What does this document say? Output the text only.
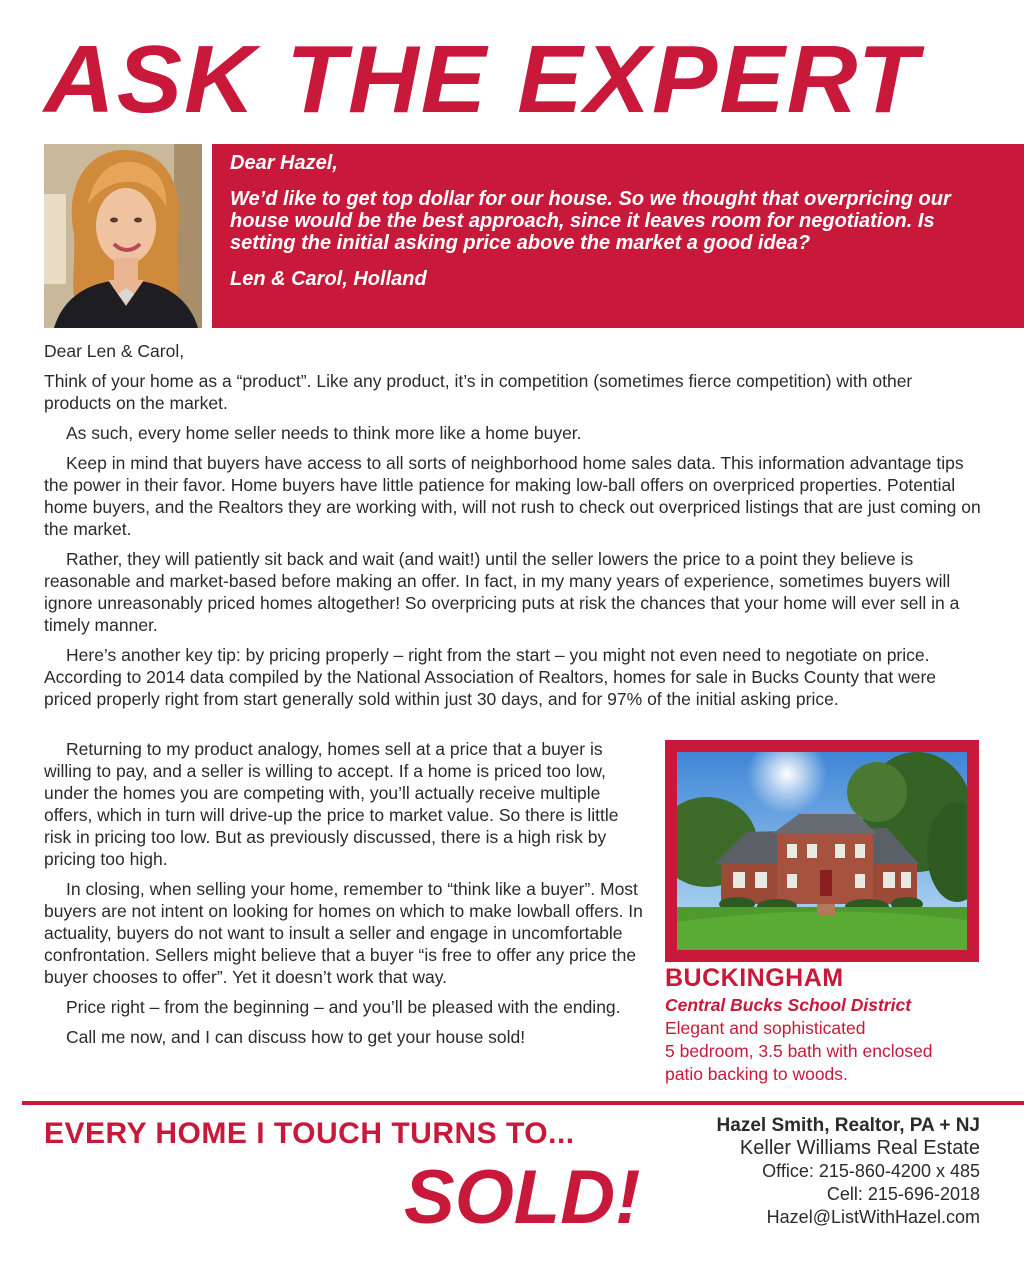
ASK THE EXPERT

Dear Hazel,

We’d like to get top dollar for our house. So we thought that overpricing our house would be the best approach, since it leaves room for negotiation. Is setting the initial asking price above the market a good idea?

Len & Carol, Holland

Dear Len & Carol,

Think of your home as a “product”. Like any product, it’s in competition (sometimes fierce competition) with other products on the market.

As such, every home seller needs to think more like a home buyer.

Keep in mind that buyers have access to all sorts of neighborhood home sales data. This information advantage tips the power in their favor. Home buyers have little patience for making low-ball offers on overpriced properties. Potential home buyers, and the Realtors they are working with, will not rush to check out overpriced listings that are just coming on the market.

Rather, they will patiently sit back and wait (and wait!) until the seller lowers the price to a point they believe is reasonable and market-based before making an offer. In fact, in my many years of experience, sometimes buyers will ignore unreasonably priced homes altogether! So overpricing puts at risk the chances that your home will ever sell in a timely manner.

Here’s another key tip: by pricing properly – right from the start – you might not even need to negotiate on price. According to 2014 data compiled by the National Association of Realtors, homes for sale in Bucks County that were priced properly right from start generally sold within just 30 days, and for 97% of the initial asking price.

Returning to my product analogy, homes sell at a price that a buyer is willing to pay, and a seller is willing to accept. If a home is priced too low, under the homes you are competing with, you’ll actually receive multiple offers, which in turn will drive-up the price to market value. So there is little risk in pricing too low. But as previously discussed, there is a high risk by pricing too high.

In closing, when selling your home, remember to “think like a buyer”. Most buyers are not intent on looking for homes on which to make lowball offers. In actuality, buyers do not want to insult a seller and engage in uncomfortable confrontation. Sellers might believe that a buyer “is free to offer any price the buyer chooses to offer”. Yet it doesn’t work that way.

Price right – from the beginning – and you’ll be pleased with the ending.

Call me now, and I can discuss how to get your house sold!

BUCKINGHAM
Central Bucks School District
Elegant and sophisticated
5 bedroom, 3.5 bath with enclosed
patio backing to woods.
EVERY HOME I TOUCH TURNS TO...
SOLD!
Hazel Smith, Realtor, PA + NJ
Keller Williams Real Estate
Office: 215-860-4200 x 485
Cell: 215-696-2018
Hazel@ListWithHazel.com
